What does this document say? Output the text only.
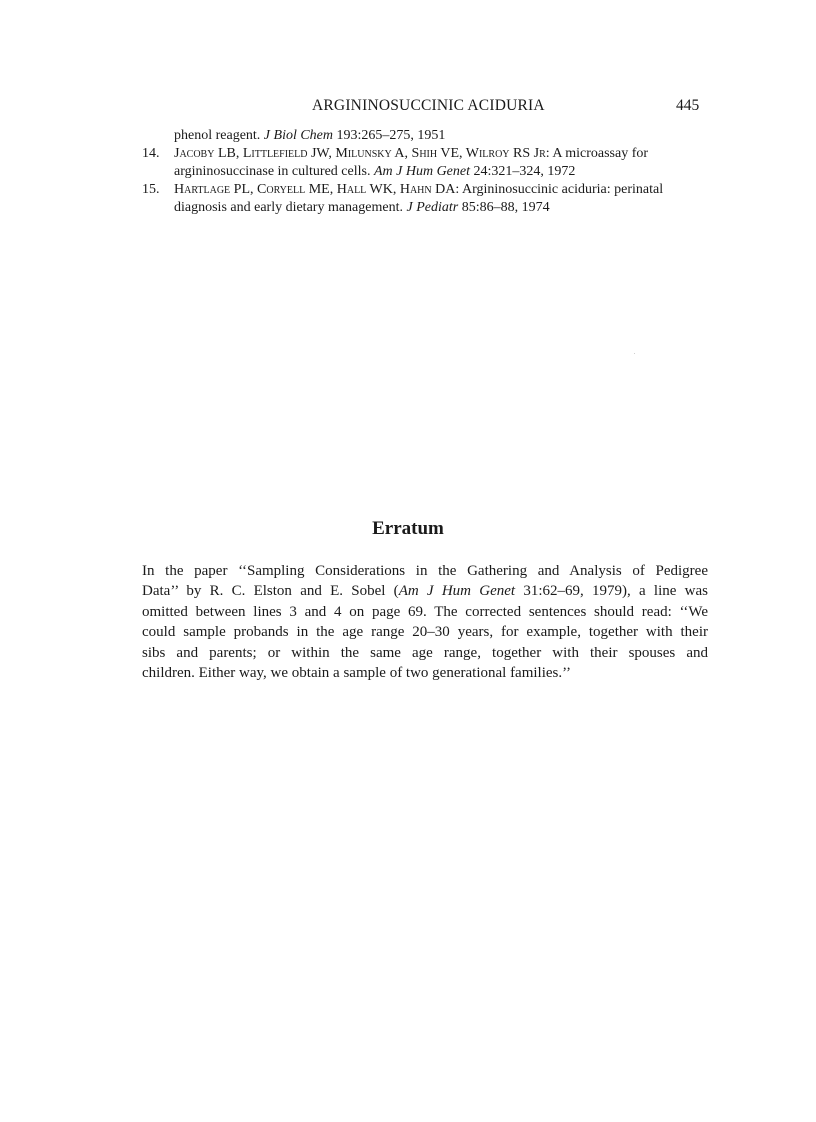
ARGININOSUCCINIC ACIDURIA	445
phenol reagent. J Biol Chem 193:265–275, 1951
14. Jacoby LB, Littlefield JW, Milunsky A, Shih VE, Wilroy RS Jr: A microassay for
argininosuccinase in cultured cells. Am J Hum Genet 24:321–324, 1972
15. Hartlage PL, Coryell ME, Hall WK, Hahn DA: Argininosuccinic aciduria: perinatal
diagnosis and early dietary management. J Pediatr 85:86–88, 1974
Erratum
In the paper ‘‘Sampling Considerations in the Gathering and Analysis of Pedigree
Data’’ by R. C. Elston and E. Sobel (Am J Hum Genet 31:62–69, 1979), a line was
omitted between lines 3 and 4 on page 69. The corrected sentences should read: ‘‘We
could sample probands in the age range 20–30 years, for example, together with their
sibs and parents; or within the same age range, together with their spouses and
children. Either way, we obtain a sample of two generational families.’’
